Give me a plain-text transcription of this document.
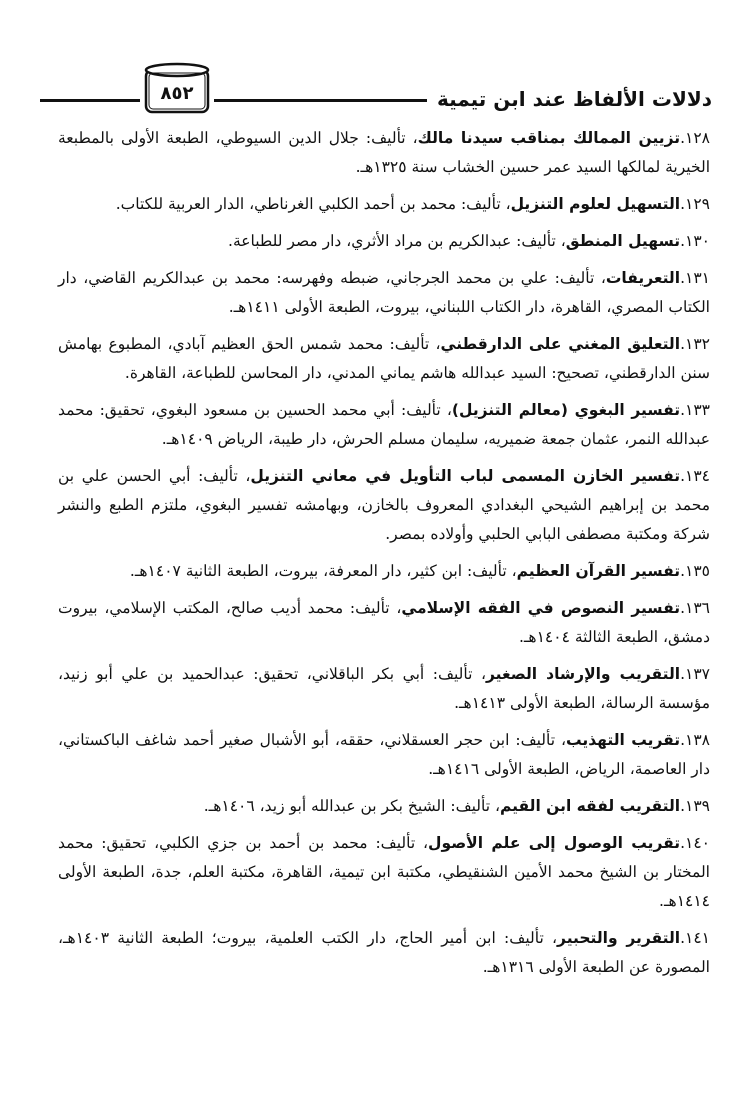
دلالات الألفاظ عند ابن تيمية
٨٥٢

١٢٨.تزيين الممالك بمناقب سيدنا مالك، تأليف: جلال الدين السيوطي، الطبعة الأولى بالمطبعة الخيرية لمالكها السيد عمر حسين الخشاب سنة ١٣٢٥هـ.

١٢٩.التسهيل لعلوم التنزيل، تأليف: محمد بن أحمد الكلبي الغرناطي، الدار العربية للكتاب.

١٣٠.تسهيل المنطق، تأليف: عبدالكريم بن مراد الأثري، دار مصر للطباعة.

١٣١.التعريفات، تأليف: علي بن محمد الجرجاني، ضبطه وفهرسه: محمد بن عبدالكريم القاضي، دار الكتاب المصري، القاهرة، دار الكتاب اللبناني، بيروت، الطبعة الأولى ١٤١١هـ.

١٣٢.التعليق المغني على الدارقطني، تأليف: محمد شمس الحق العظيم آبادي، المطبوع بهامش سنن الدارقطني، تصحيح: السيد عبدالله هاشم يماني المدني، دار المحاسن للطباعة، القاهرة.

١٣٣.تفسير البغوي (معالم التنزيل)، تأليف: أبي محمد الحسين بن مسعود البغوي، تحقيق: محمد عبدالله النمر، عثمان جمعة ضميريه، سليمان مسلم الحرش، دار طيبة، الرياض ١٤٠٩هـ.

١٣٤.تفسير الخازن المسمى لباب التأويل في معاني التنزيل، تأليف: أبي الحسن علي بن محمد بن إبراهيم الشيحي البغدادي المعروف بالخازن، وبهامشه تفسير البغوي، ملتزم الطبع والنشر شركة ومكتبة مصطفى البابي الحلبي وأولاده بمصر.

١٣٥.تفسير القرآن العظيم، تأليف: ابن كثير، دار المعرفة، بيروت، الطبعة الثانية ١٤٠٧هـ.

١٣٦.تفسير النصوص في الفقه الإسلامي، تأليف: محمد أديب صالح، المكتب الإسلامي، بيروت دمشق، الطبعة الثالثة ١٤٠٤هـ.

١٣٧.التقريب والإرشاد الصغير، تأليف: أبي بكر الباقلاني، تحقيق: عبدالحميد بن علي أبو زنيد، مؤسسة الرسالة، الطبعة الأولى ١٤١٣هـ.

١٣٨.تقريب التهذيب، تأليف: ابن حجر العسقلاني، حققه، أبو الأشبال صغير أحمد شاغف الباكستاني، دار العاصمة، الرياض، الطبعة الأولى ١٤١٦هـ.

١٣٩.التقريب لفقه ابن القيم، تأليف: الشيخ بكر بن عبدالله أبو زيد، ١٤٠٦هـ.

١٤٠.تقريب الوصول إلى علم الأصول، تأليف: محمد بن أحمد بن جزي الكلبي، تحقيق: محمد المختار بن الشيخ محمد الأمين الشنقيطي، مكتبة ابن تيمية، القاهرة، مكتبة العلم، جدة، الطبعة الأولى ١٤١٤هـ.

١٤١.التقرير والتحبير، تأليف: ابن أمير الحاج، دار الكتب العلمية، بيروت؛ الطبعة الثانية ١٤٠٣هـ، المصورة عن الطبعة الأولى ١٣١٦هـ.
